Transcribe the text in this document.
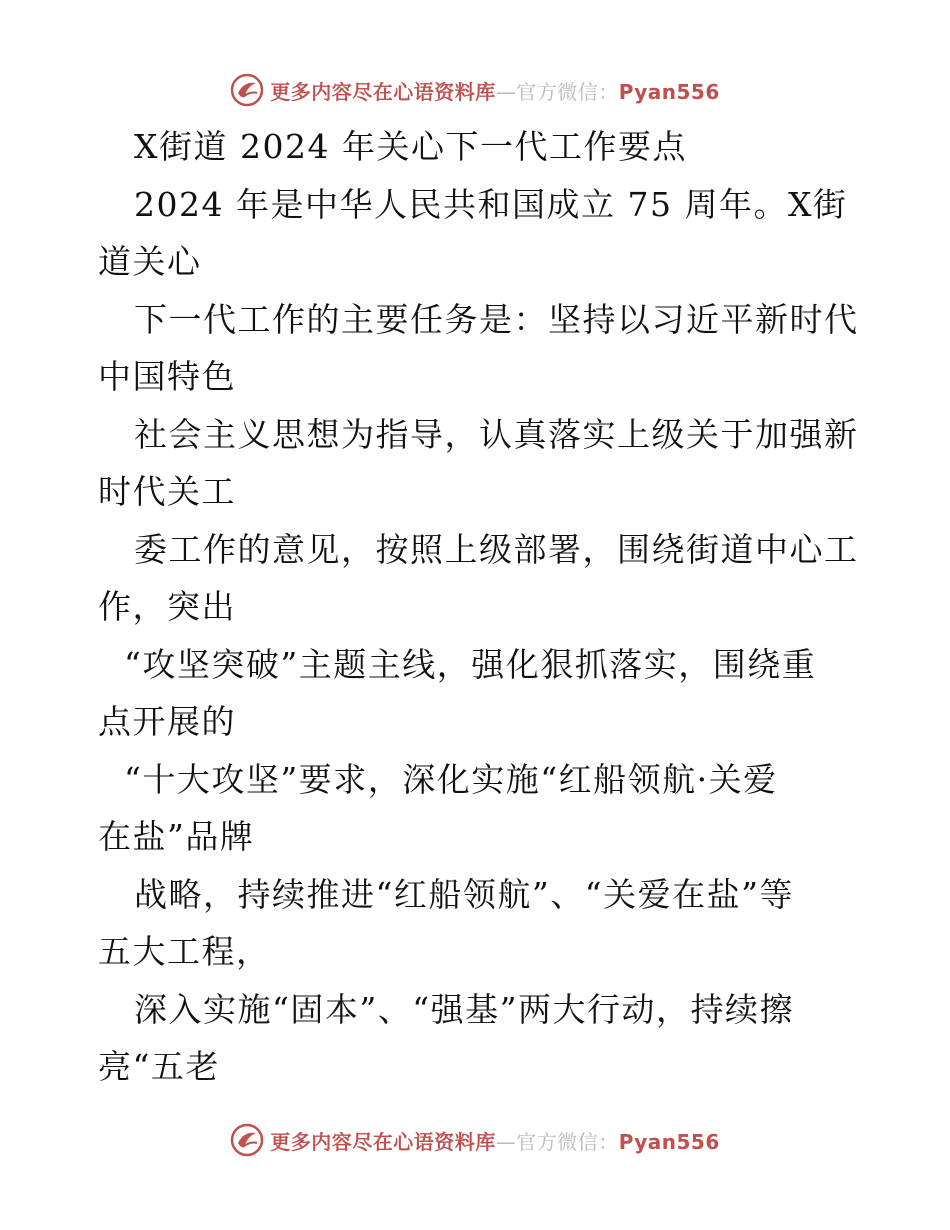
更多内容尽在心语资料库—官方微信：Pyan556
X街道 2024 年关心下一代工作要点
2024 年是中华人民共和国成立 75 周年。X街
道关心
下一代工作的主要任务是：坚持以习近平新时代
中国特色
社会主义思想为指导，认真落实上级关于加强新
时代关工
委工作的意见，按照上级部署，围绕街道中心工
作，突出
“攻坚突破”主题主线，强化狠抓落实，围绕重
点开展的
“十大攻坚”要求，深化实施“红船领航·关爱
在盐”品牌
战略，持续推进“红船领航”、“关爱在盐”等
五大工程，
深入实施“固本”、“强基”两大行动，持续擦
亮“五老
更多内容尽在心语资料库—官方微信：Pyan556
